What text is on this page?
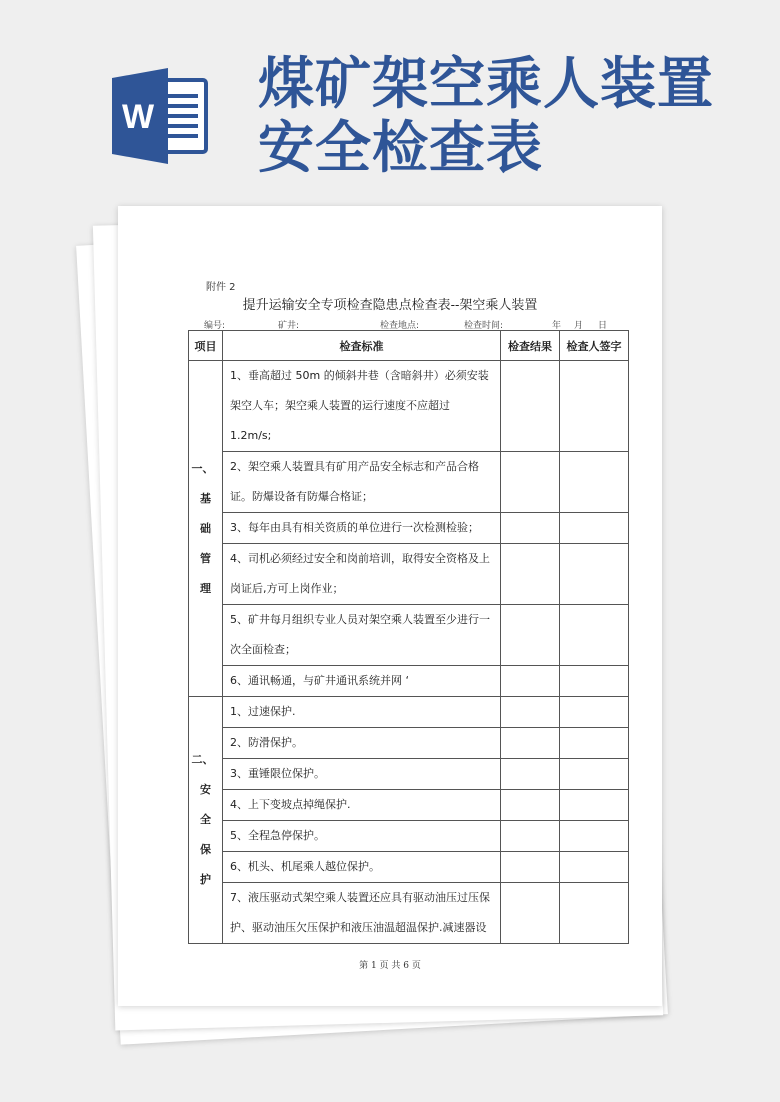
W 煤矿架空乘人装置
安全检查表
附件 2
提升运输安全专项检查隐患点检查表--架空乘人装置
编号:	矿井:	检查地点:	检查时间:	年 月 日
项目	检查标准	检查结果	检查人签字

一、
基
础
管
理	1、垂高超过 50m 的倾斜井巷（含暗斜井）必须安装架空人车；架空乘人装置的运行速度不应超过 1.2m/s;		
	2、架空乘人装置具有矿用产品安全标志和产品合格证。防爆设备有防爆合格证；		
	3、每年由具有相关资质的单位进行一次检测检验；		
	4、司机必须经过安全和岗前培训，取得安全资格及上岗证后,方可上岗作业；		
	5、矿井每月组织专业人员对架空乘人装置至少进行一次全面检查；		
	6、通讯畅通，与矿井通讯系统并网 ‘		

二、
安
全
保
护	1、过速保护.		
	2、防滑保护。		
	3、重锤限位保护。		
	4、上下变坡点掉绳保护.		
	5、全程急停保护。		
	6、机头、机尾乘人越位保护。		
	7、液压驱动式架空乘人装置还应具有驱动油压过压保护、驱动油压欠压保护和液压油温超温保护.减速器设		
第 1 页 共 6 页
